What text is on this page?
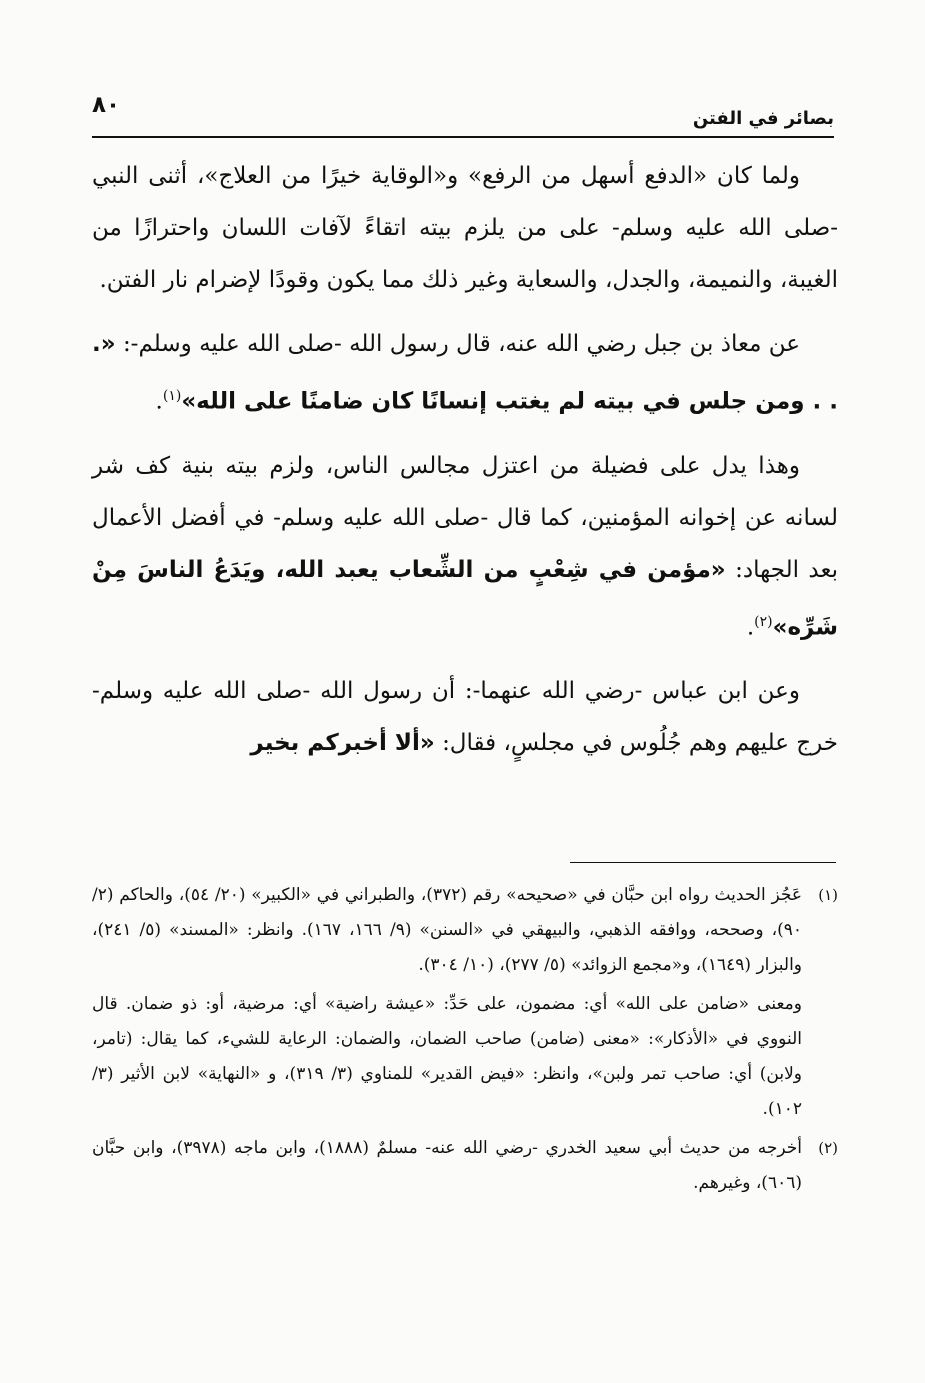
٨٠
بصائر في الفتن

ولما كان «الدفع أسهل من الرفع» و«الوقاية خيرًا من العلاج»، أثنى النبي -صلى الله عليه وسلم- على من يلزم بيته اتقاءً لآفات اللسان واحترازًا من الغيبة، والنميمة، والجدل، والسعاية وغير ذلك مما يكون وقودًا لإضرام نار الفتن.

عن معاذ بن جبل رضي الله عنه، قال رسول الله -صلى الله عليه وسلم-: «. . . ومن جلس في بيته لم يغتب إنسانًا كان ضامنًا على الله»$^{(١)}$.

وهذا يدل على فضيلة من اعتزل مجالس الناس، ولزم بيته بنية كف شر لسانه عن إخوانه المؤمنين، كما قال -صلى الله عليه وسلم- في أفضل الأعمال بعد الجهاد: «مؤمن في شِعْبٍ من الشِّعاب يعبد الله، ويَدَعُ الناسَ مِنْ شَرِّه»$^{(٢)}$.

وعن ابن عباس -رضي الله عنهما-: أن رسول الله -صلى الله عليه وسلم- خرج عليهم وهم جُلُوس في مجلسٍ، فقال: «ألا أخبركم بخير

(١)
عَجُز الحديث رواه ابن حبَّان في «صحيحه» رقم (٣٧٢)، والطبراني في «الكبير» (٢٠/ ٥٤)، والحاكم (٢/ ٩٠)، وصححه، ووافقه الذهبي، والبيهقي في «السنن» (٩/ ١٦٦، ١٦٧). وانظر: «المسند» (٥/ ٢٤١)، والبزار (١٦٤٩)، و«مجمع الزوائد» (٥/ ٢٧٧)، (١٠/ ٣٠٤).

ومعنى «ضامن على الله» أي: مضمون، على حَدِّ: «عيشة راضية» أي: مرضية، أو: ذو ضمان. قال النووي في «الأذكار»: «معنى (ضامن) صاحب الضمان، والضمان: الرعاية للشيء، كما يقال: (تامر، ولابن) أي: صاحب تمر ولبن»، وانظر: «فيض القدير» للمناوي (٣/ ٣١٩)، و «النهاية» لابن الأثير (٣/ ١٠٢).

(٢)
أخرجه من حديث أبي سعيد الخدري -رضي الله عنه- مسلمٌ (١٨٨٨)، وابن ماجه (٣٩٧٨)، وابن حبَّان (٦٠٦)، وغيرهم.
